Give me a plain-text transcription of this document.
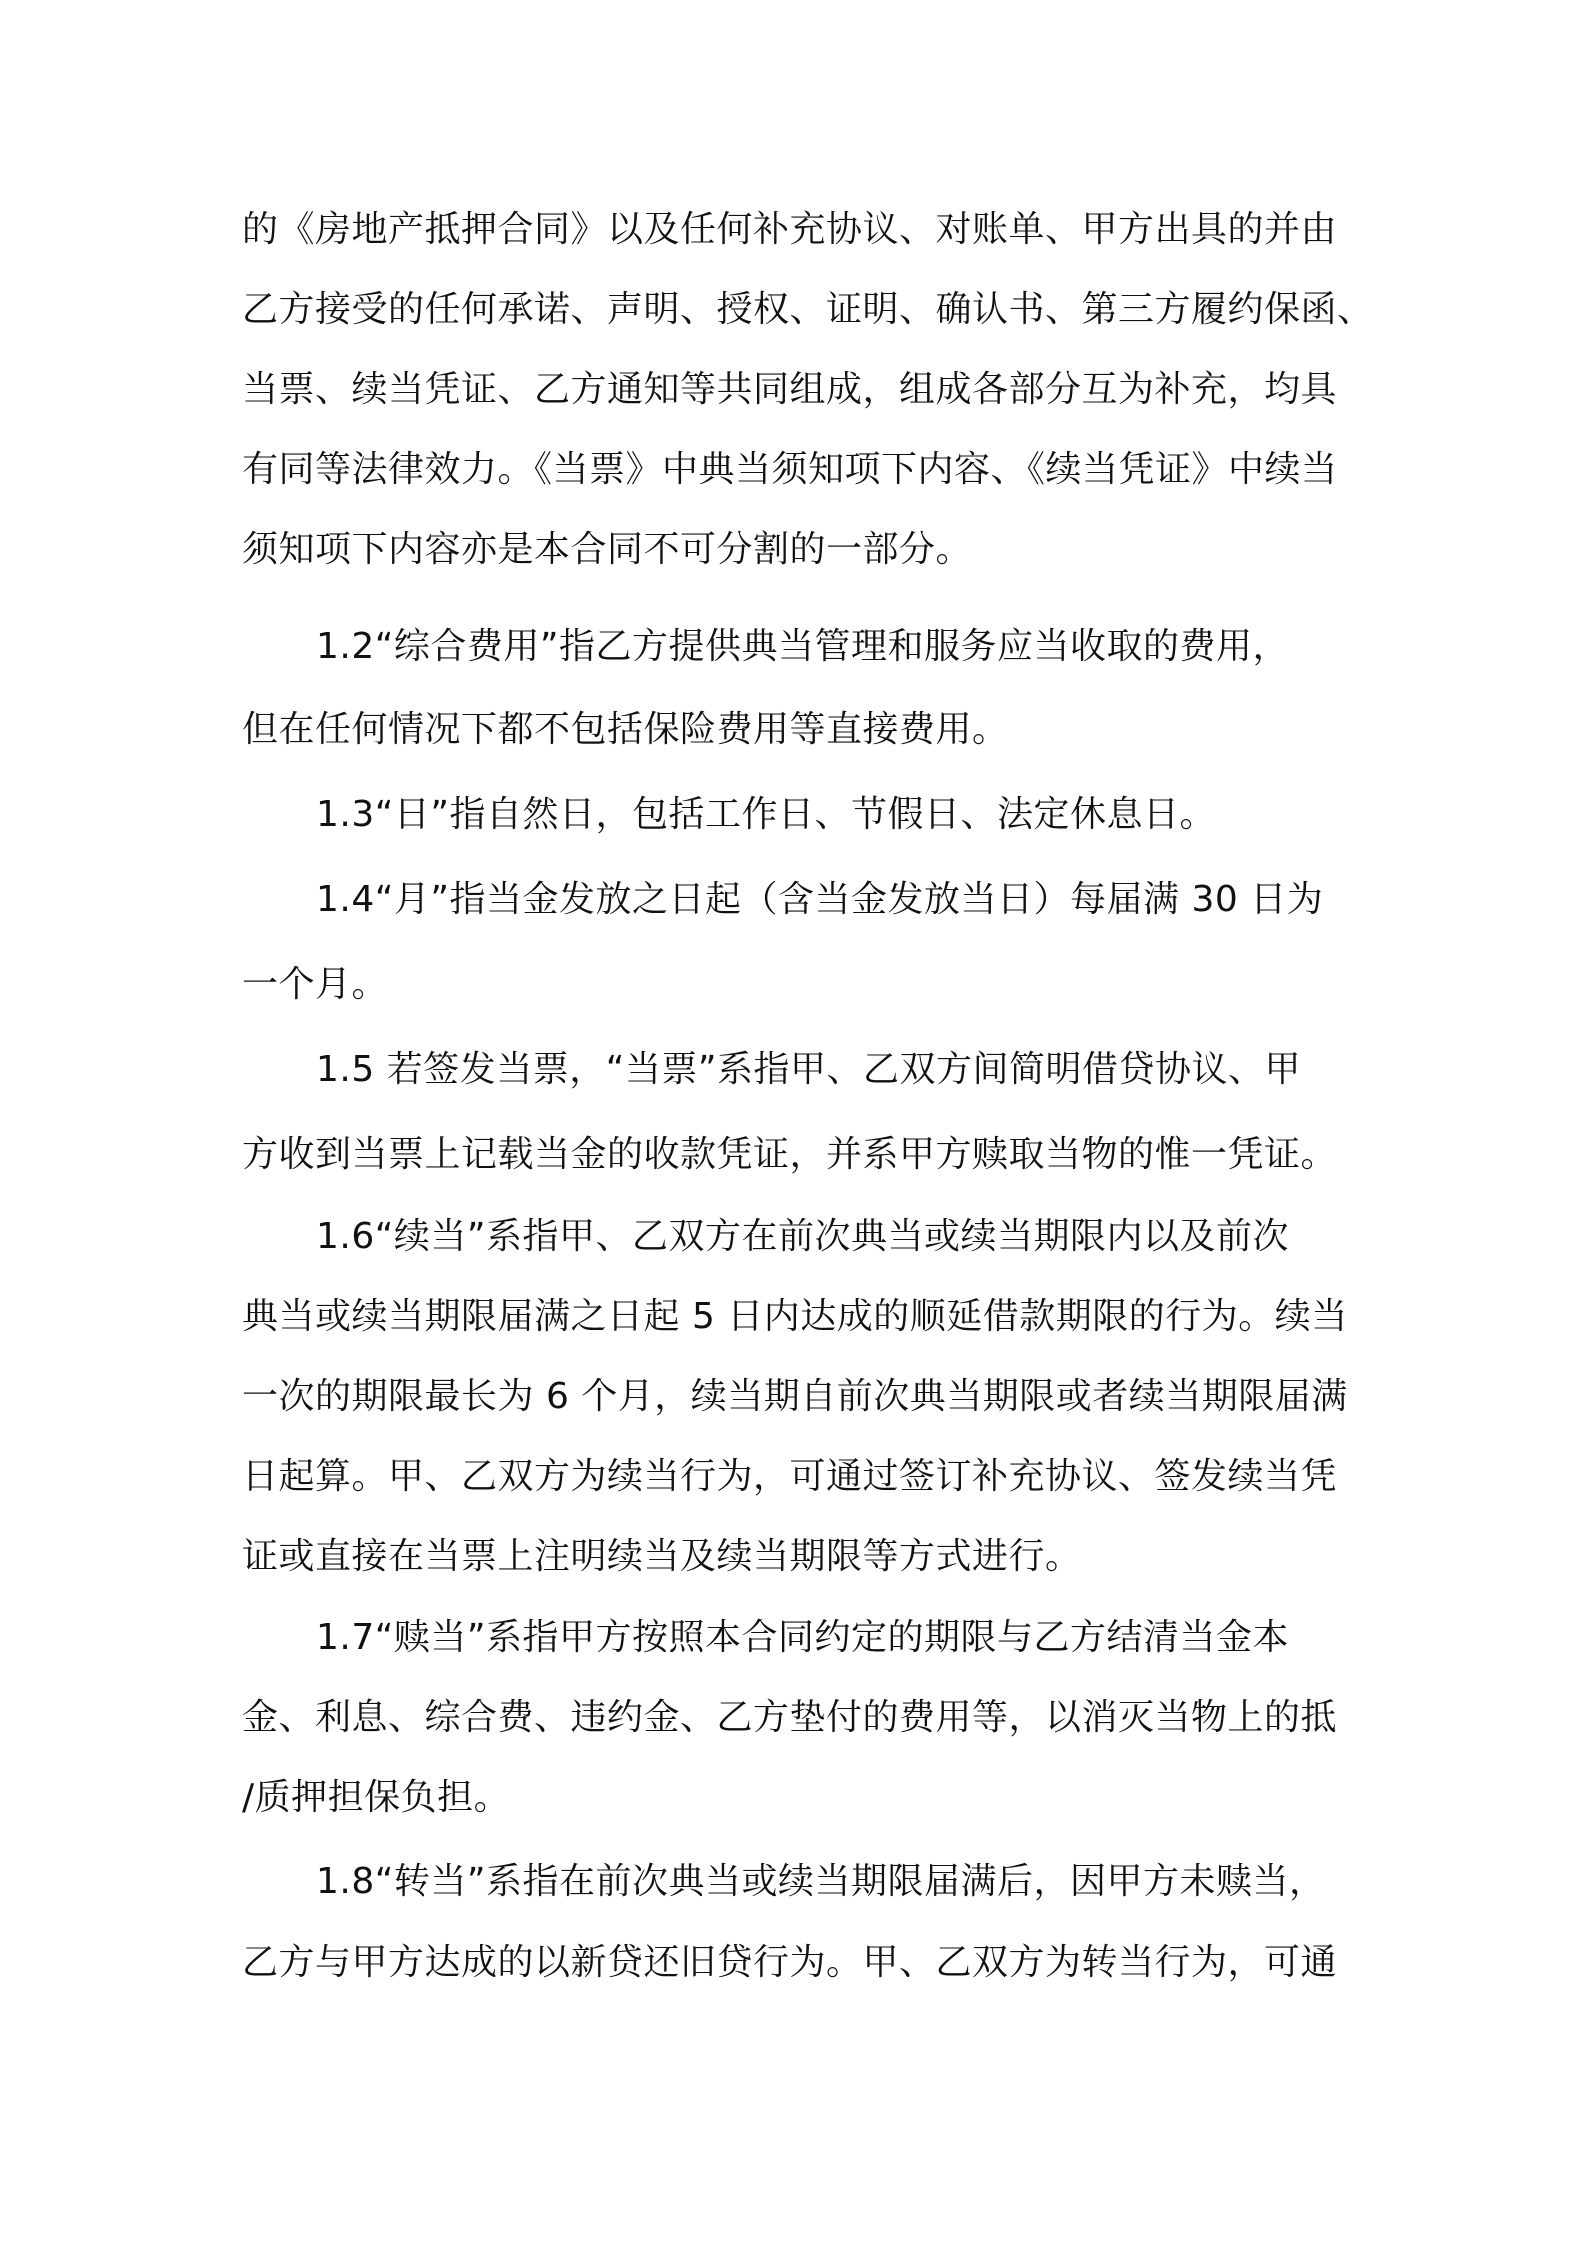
的《房地产抵押合同》以及任何补充协议、对账单、甲方出具的并由
乙方接受的任何承诺、声明、授权、证明、确认书、第三方履约保函、
当票、续当凭证、乙方通知等共同组成，组成各部分互为补充，均具
有同等法律效力。《当票》中典当须知项下内容、《续当凭证》中续当
须知项下内容亦是本合同不可分割的一部分。
1.2“综合费用”指乙方提供典当管理和服务应当收取的费用，
但在任何情况下都不包括保险费用等直接费用。
1.3“日”指自然日，包括工作日、节假日、法定休息日。
1.4“月”指当金发放之日起（含当金发放当日）每届满 30 日为
一个月。
1.5 若签发当票，“当票”系指甲、乙双方间简明借贷协议、甲
方收到当票上记载当金的收款凭证，并系甲方赎取当物的惟一凭证。
1.6“续当”系指甲、乙双方在前次典当或续当期限内以及前次
典当或续当期限届满之日起 5 日内达成的顺延借款期限的行为。续当
一次的期限最长为 6 个月，续当期自前次典当期限或者续当期限届满
日起算。甲、乙双方为续当行为，可通过签订补充协议、签发续当凭
证或直接在当票上注明续当及续当期限等方式进行。
1.7“赎当”系指甲方按照本合同约定的期限与乙方结清当金本
金、利息、综合费、违约金、乙方垫付的费用等，以消灭当物上的抵
/质押担保负担。
1.8“转当”系指在前次典当或续当期限届满后，因甲方未赎当，
乙方与甲方达成的以新贷还旧贷行为。甲、乙双方为转当行为，可通
